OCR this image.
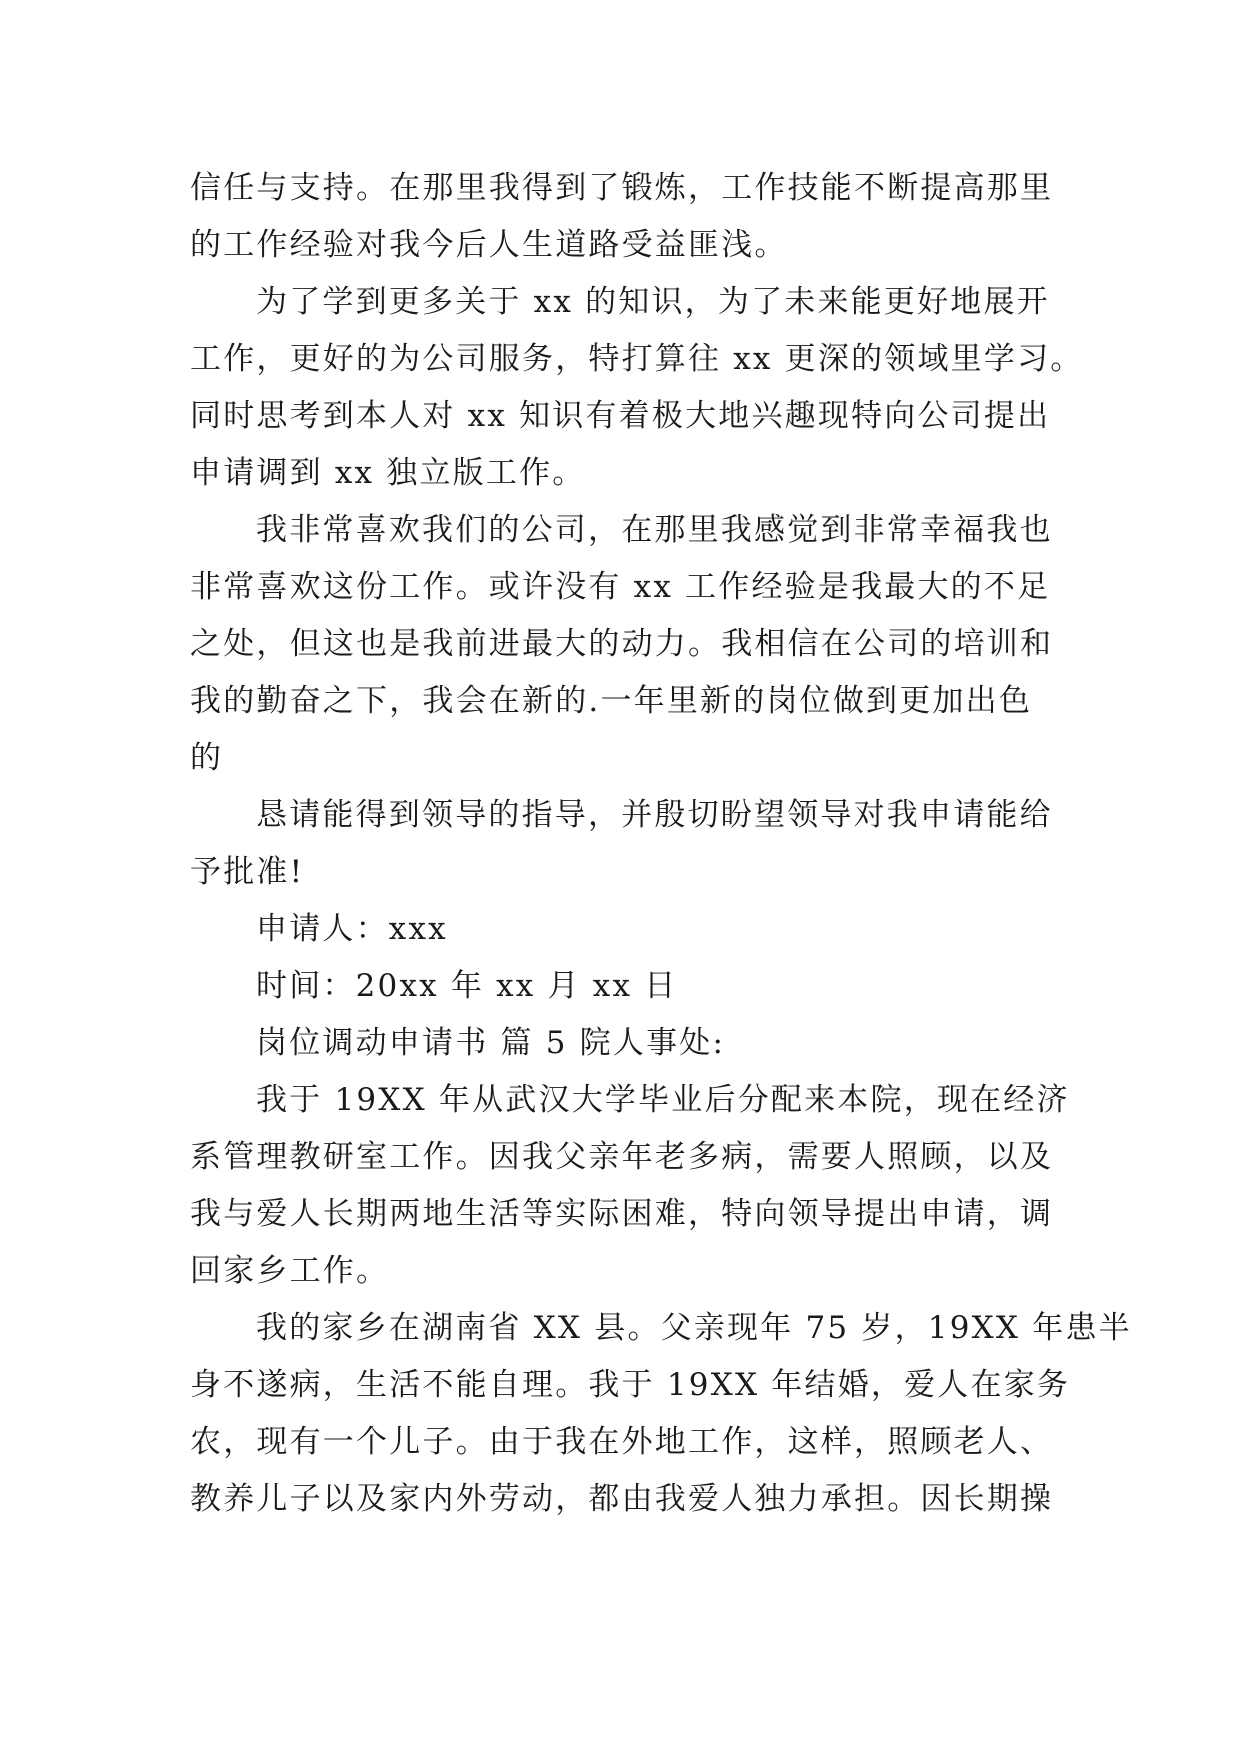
信任与支持。在那里我得到了锻炼，工作技能不断提高那里
的工作经验对我今后人生道路受益匪浅。
为了学到更多关于 xx 的知识，为了未来能更好地展开
工作，更好的为公司服务，特打算往 xx 更深的领域里学习。
同时思考到本人对 xx 知识有着极大地兴趣现特向公司提出
申请调到 xx 独立版工作。
我非常喜欢我们的公司，在那里我感觉到非常幸福我也
非常喜欢这份工作。或许没有 xx 工作经验是我最大的不足
之处，但这也是我前进最大的动力。我相信在公司的培训和
我的勤奋之下，我会在新的.一年里新的岗位做到更加出色
的
恳请能得到领导的指导，并殷切盼望领导对我申请能给
予批准!
申请人：xxx
时间：20xx 年 xx 月 xx 日
岗位调动申请书 篇 5 院人事处:
我于 19XX 年从武汉大学毕业后分配来本院，现在经济
系管理教研室工作。因我父亲年老多病，需要人照顾，以及
我与爱人长期两地生活等实际困难，特向领导提出申请，调
回家乡工作。
我的家乡在湖南省 XX 县。父亲现年 75 岁，19XX 年患半
身不遂病，生活不能自理。我于 19XX 年结婚，爱人在家务
农，现有一个儿子。由于我在外地工作，这样，照顾老人、
教养儿子以及家内外劳动，都由我爱人独力承担。因长期操
